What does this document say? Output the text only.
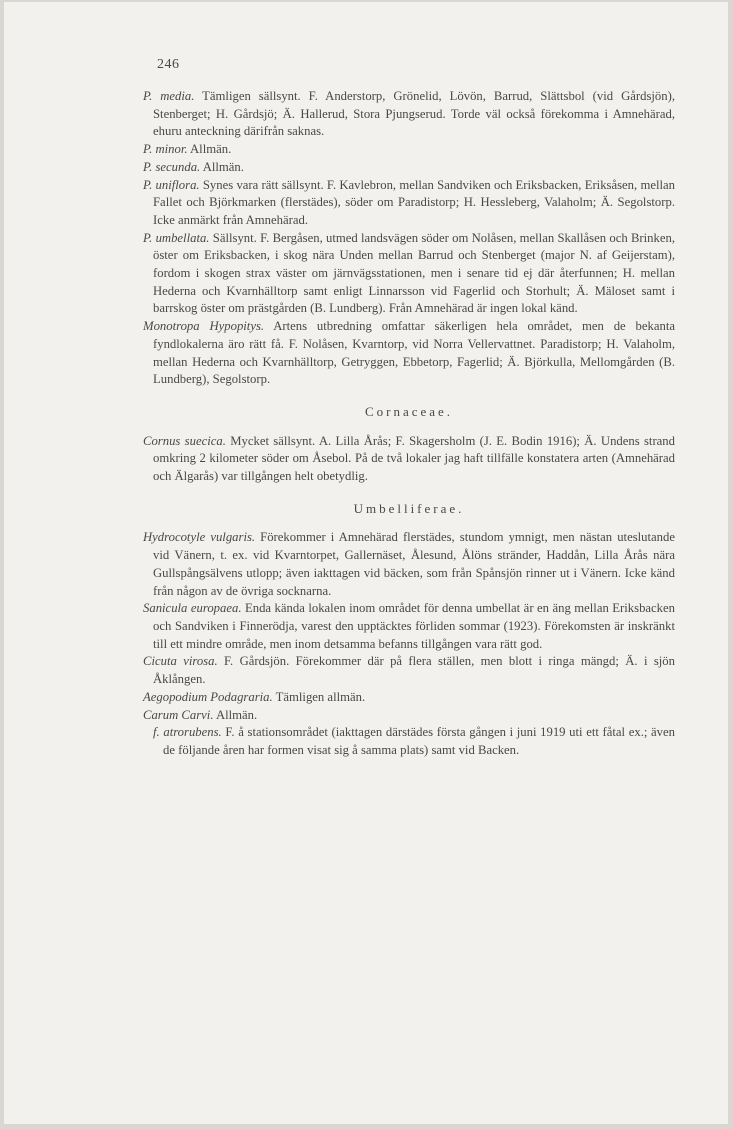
246

P. media. Tämligen sällsynt. F. Anderstorp, Grönelid, Lövön, Barrud, Slättsbol (vid Gårdsjön), Stenberget; H. Gårdsjö; Ä. Hallerud, Stora Pjungserud. Torde väl också förekomma i Amnehärad, ehuru anteckning därifrån saknas.

P. minor. Allmän.

P. secunda. Allmän.

P. uniflora. Synes vara rätt sällsynt. F. Kavlebron, mellan Sandviken och Eriksbacken, Eriksåsen, mellan Fallet och Björkmarken (flerstädes), söder om Paradistorp; H. Hessleberg, Valaholm; Ä. Segolstorp. Icke anmärkt från Amnehärad.

P. umbellata. Sällsynt. F. Bergåsen, utmed landsvägen söder om Nolåsen, mellan Skallåsen och Brinken, öster om Eriksbacken, i skog nära Unden mellan Barrud och Stenberget (major N. af Geijerstam), fordom i skogen strax väster om järnvägsstationen, men i senare tid ej där återfunnen; H. mellan Hederna och Kvarnhälltorp samt enligt Linnarsson vid Fagerlid och Storhult; Ä. Mäloset samt i barrskog öster om prästgården (B. Lundberg). Från Amnehärad är ingen lokal känd.

Monotropa Hypopitys. Artens utbredning omfattar säkerligen hela området, men de bekanta fyndlokalerna äro rätt få. F. Nolåsen, Kvarntorp, vid Norra Vellervattnet. Paradistorp; H. Valaholm, mellan Hederna och Kvarnhälltorp, Getryggen, Ebbetorp, Fagerlid; Ä. Björkulla, Mellomgården (B. Lundberg), Segolstorp.

Cornaceae.

Cornus suecica. Mycket sällsynt. A. Lilla Årås; F. Skagersholm (J. E. Bodin 1916); Ä. Undens strand omkring 2 kilometer söder om Åsebol. På de två lokaler jag haft tillfälle konstatera arten (Amnehärad och Älgarås) var tillgången helt obetydlig.

Umbelliferae.

Hydrocotyle vulgaris. Förekommer i Amnehärad flerstädes, stundom ymnigt, men nästan uteslutande vid Vänern, t. ex. vid Kvarntorpet, Gallernäset, Ålesund, Ålöns stränder, Haddån, Lilla Årås nära Gullspångsälvens utlopp; även iakttagen vid bäcken, som från Spånsjön rinner ut i Vänern. Icke känd från någon av de övriga socknarna.

Sanicula europaea. Enda kända lokalen inom området för denna umbellat är en äng mellan Eriksbacken och Sandviken i Finnerödja, varest den upptäcktes förliden sommar (1923). Förekomsten är inskränkt till ett mindre område, men inom detsamma befanns tillgången vara rätt god.

Cicuta virosa. F. Gårdsjön. Förekommer där på flera ställen, men blott i ringa mängd; Ä. i sjön Åklången.

Aegopodium Podagraria. Tämligen allmän.

Carum Carvi. Allmän.

f. atrorubens. F. å stationsområdet (iakttagen därstädes första gången i juni 1919 uti ett fåtal ex.; även de följande åren har formen visat sig å samma plats) samt vid Backen.
